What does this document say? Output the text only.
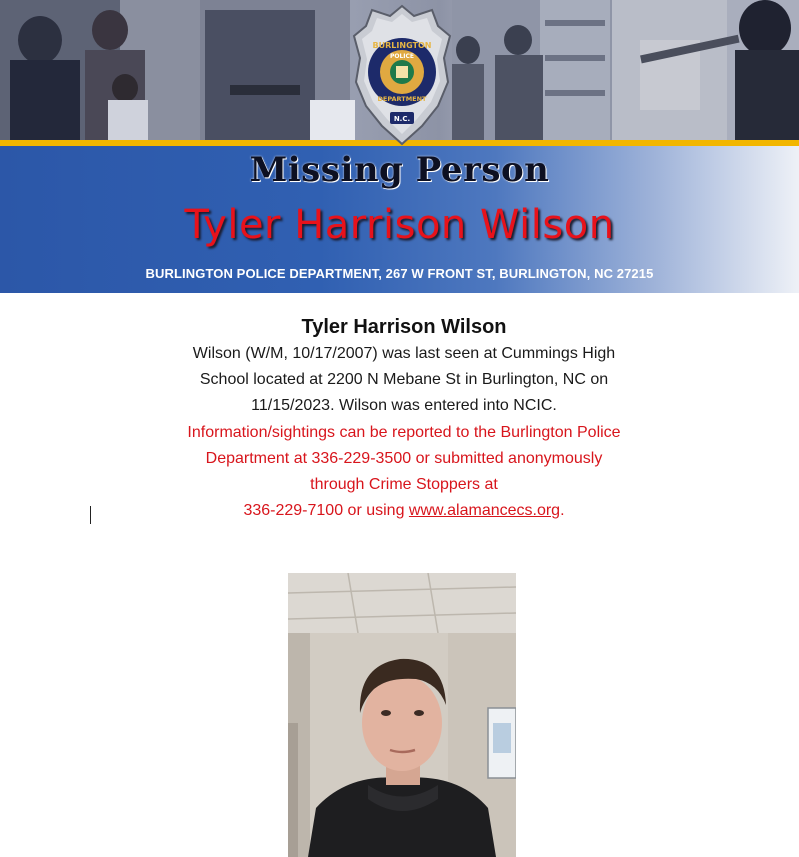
BURLINGTON
POLICE
DEPARTMENT
N.C.
Missing Person
Tyler Harrison Wilson
BURLINGTON POLICE DEPARTMENT, 267 W FRONT ST, BURLINGTON, NC 27215
Tyler Harrison Wilson
Wilson (W/M, 10/17/2007) was last seen at Cummings High
School located at 2200 N Mebane St in Burlington, NC on
11/15/2023. Wilson was entered into NCIC.
Information/sightings can be reported to the Burlington Police
Department at 336-229-3500 or submitted anonymously
through Crime Stoppers at
336-229-7100 or using www.alamancecs.org.
